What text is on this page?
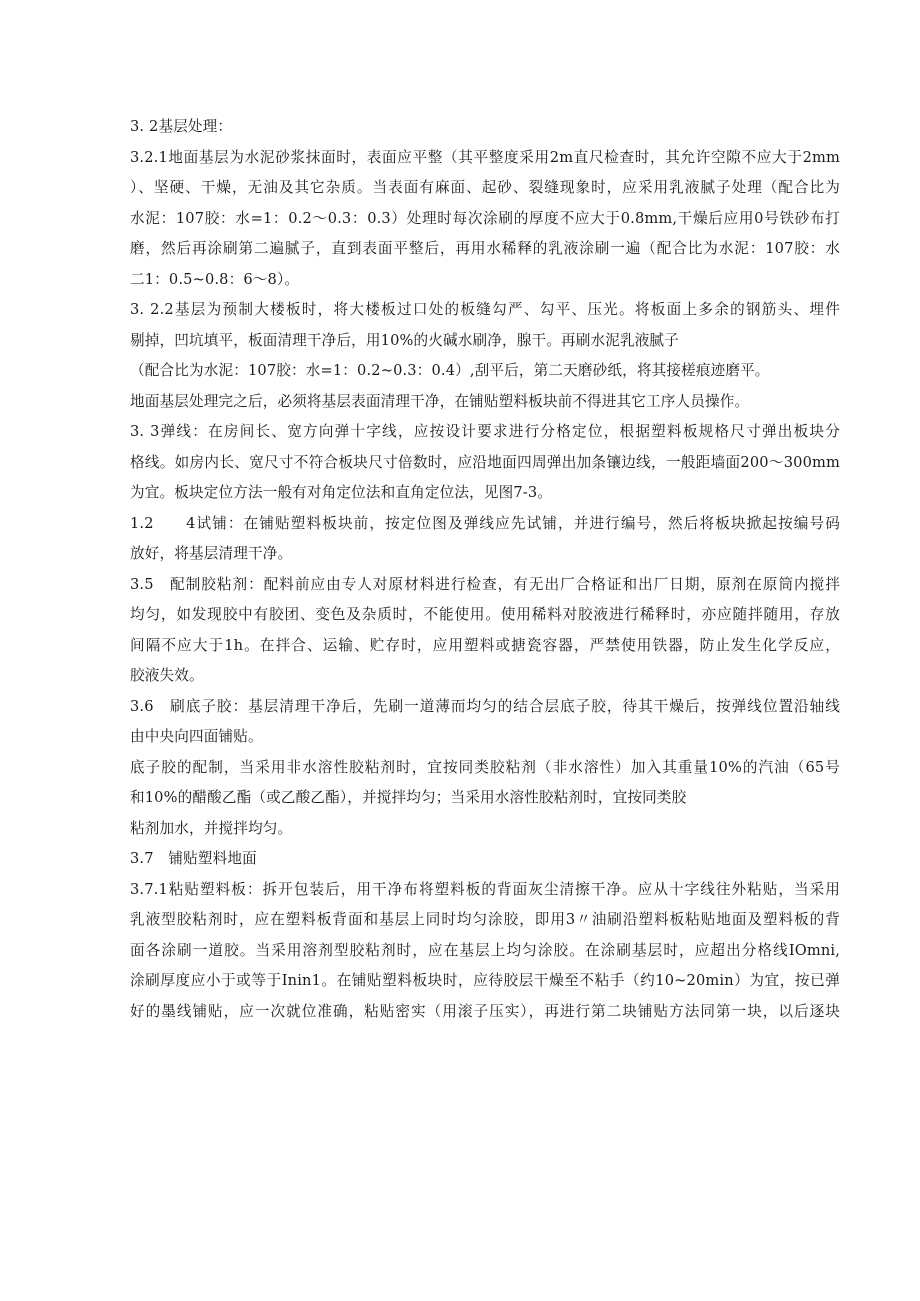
3. 2基层处理：
3.2.1地面基层为水泥砂浆抹面时，表面应平整（其平整度采用2m直尺检查时，其允许空隙不应大于2mm
）、坚硬、干燥，无油及其它杂质。当表面有麻面、起砂、裂缝现象时，应采用乳液腻子处理（配合比为
水泥：107胶：水=1：0.2～0.3：0.3）处理时每次涂刷的厚度不应大于0.8mm,干燥后应用0号铁砂布打
磨，然后再涂刷第二遍腻子，直到表面平整后，再用水稀释的乳液涂刷一遍（配合比为水泥：107胶：水
二1：0.5~0.8：6～8）。
3. 2.2基层为预制大楼板时，将大楼板过口处的板缝勾严、勾平、压光。将板面上多余的钢筋头、埋件
剔掉，凹坑填平，板面清理干净后，用10%的火碱水刷净，腺干。再刷水泥乳液腻子
（配合比为水泥：107胶：水=1：0.2~0.3：0.4）,刮平后，第二天磨砂纸，将其接槎痕迹磨平。
地面基层处理完之后，必须将基层表面清理干净，在铺贴塑料板块前不得进其它工序人员操作。
3. 3弹线：在房间长、宽方向弹十字线，应按设计要求进行分格定位，根据塑料板规格尺寸弹出板块分
格线。如房内长、宽尺寸不符合板块尺寸倍数时，应沿地面四周弹出加条镶边线，一般距墙面200～300mm
为宜。板块定位方法一般有对角定位法和直角定位法，见图7-3。
1.2　　4试铺：在铺贴塑料板块前，按定位图及弹线应先试铺，并进行编号，然后将板块掀起按编号码
放好，将基层清理干净。
3.5　配制胶粘剂：配料前应由专人对原材料进行检查，有无出厂合格证和出厂日期，原剂在原筒内搅拌
均匀，如发现胶中有胶团、变色及杂质时，不能使用。使用稀料对胶液进行稀释时，亦应随拌随用，存放
间隔不应大于1h。在拌合、运输、贮存时，应用塑料或搪瓷容器，严禁使用铁器，防止发生化学反应，
胶液失效。
3.6　刷底子胶：基层清理干净后，先刷一道薄而均匀的结合层底子胶，待其干燥后，按弹线位置沿轴线
由中央向四面铺贴。
底子胶的配制，当采用非水溶性胶粘剂时，宜按同类胶粘剂（非水溶性）加入其重量10%的汽油（65号
和10%的醋酸乙酯（或乙酸乙酯），并搅拌均匀；当采用水溶性胶粘剂时，宜按同类胶
粘剂加水，并搅拌均匀。
3.7　铺贴塑料地面
3.7.1粘贴塑料板：拆开包装后，用干净布将塑料板的背面灰尘清擦干净。应从十字线往外粘贴，当采用
乳液型胶粘剂时，应在塑料板背面和基层上同时均匀涂胶，即用3〃油刷沿塑料板粘贴地面及塑料板的背
面各涂刷一道胶。当采用溶剂型胶粘剂时，应在基层上均匀涂胶。在涂刷基层时，应超出分格线IOmni,
涂刷厚度应小于或等于Inin1。在铺贴塑料板块时，应待胶层干燥至不粘手（约10~20min）为宜，按已弹
好的墨线铺贴，应一次就位准确，粘贴密实（用滚子压实），再进行第二块铺贴方法同第一块，以后逐块
